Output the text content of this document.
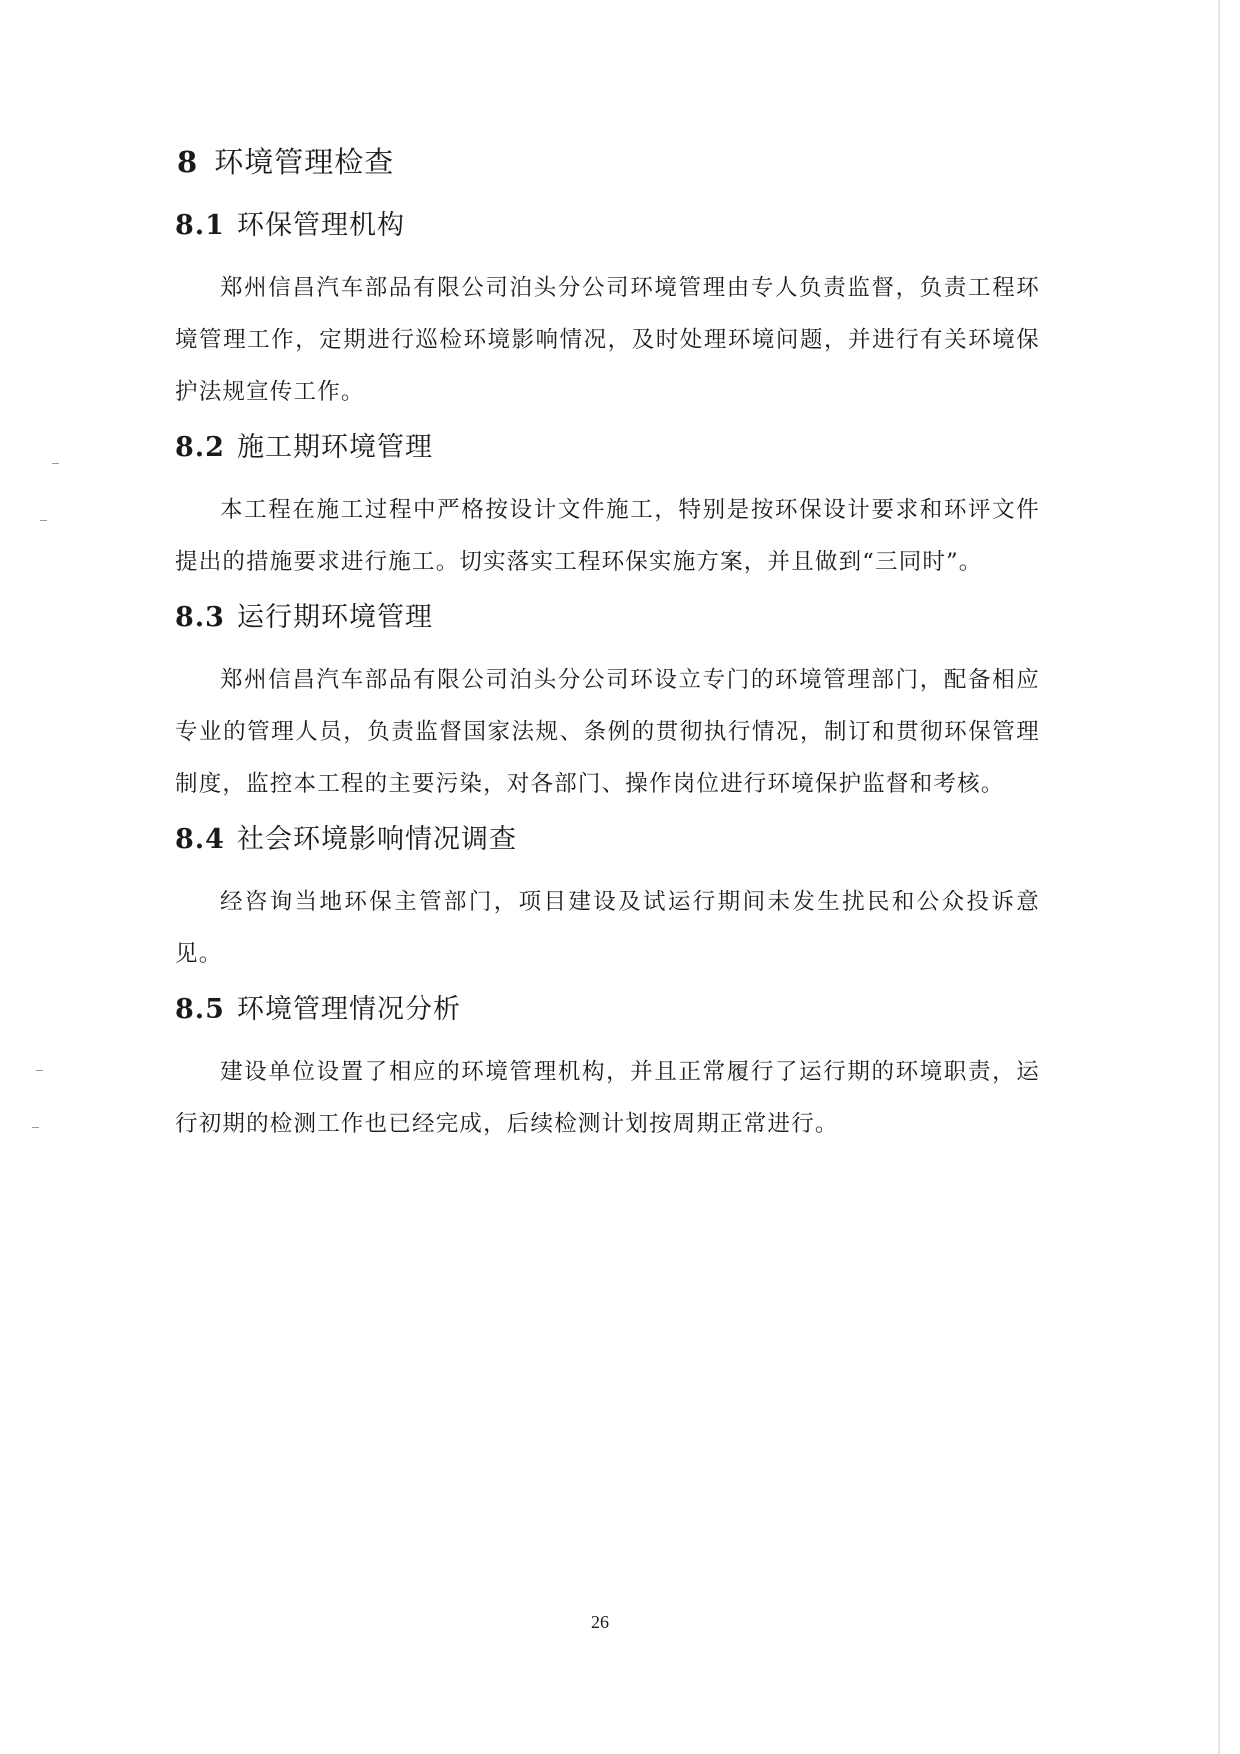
8 环境管理检查
8.1 环保管理机构

郑州信昌汽车部品有限公司泊头分公司环境管理由专人负责监督，负责工程环境管理工作，定期进行巡检环境影响情况，及时处理环境问题，并进行有关环境保护法规宣传工作。

8.2 施工期环境管理

本工程在施工过程中严格按设计文件施工，特别是按环保设计要求和环评文件提出的措施要求进行施工。切实落实工程环保实施方案，并且做到“三同时”。

8.3 运行期环境管理

郑州信昌汽车部品有限公司泊头分公司环设立专门的环境管理部门，配备相应专业的管理人员，负责监督国家法规、条例的贯彻执行情况，制订和贯彻环保管理制度，监控本工程的主要污染，对各部门、操作岗位进行环境保护监督和考核。

8.4 社会环境影响情况调查

经咨询当地环保主管部门，项目建设及试运行期间未发生扰民和公众投诉意见。

8.5 环境管理情况分析

建设单位设置了相应的环境管理机构，并且正常履行了运行期的环境职责，运行初期的检测工作也已经完成，后续检测计划按周期正常进行。

26
